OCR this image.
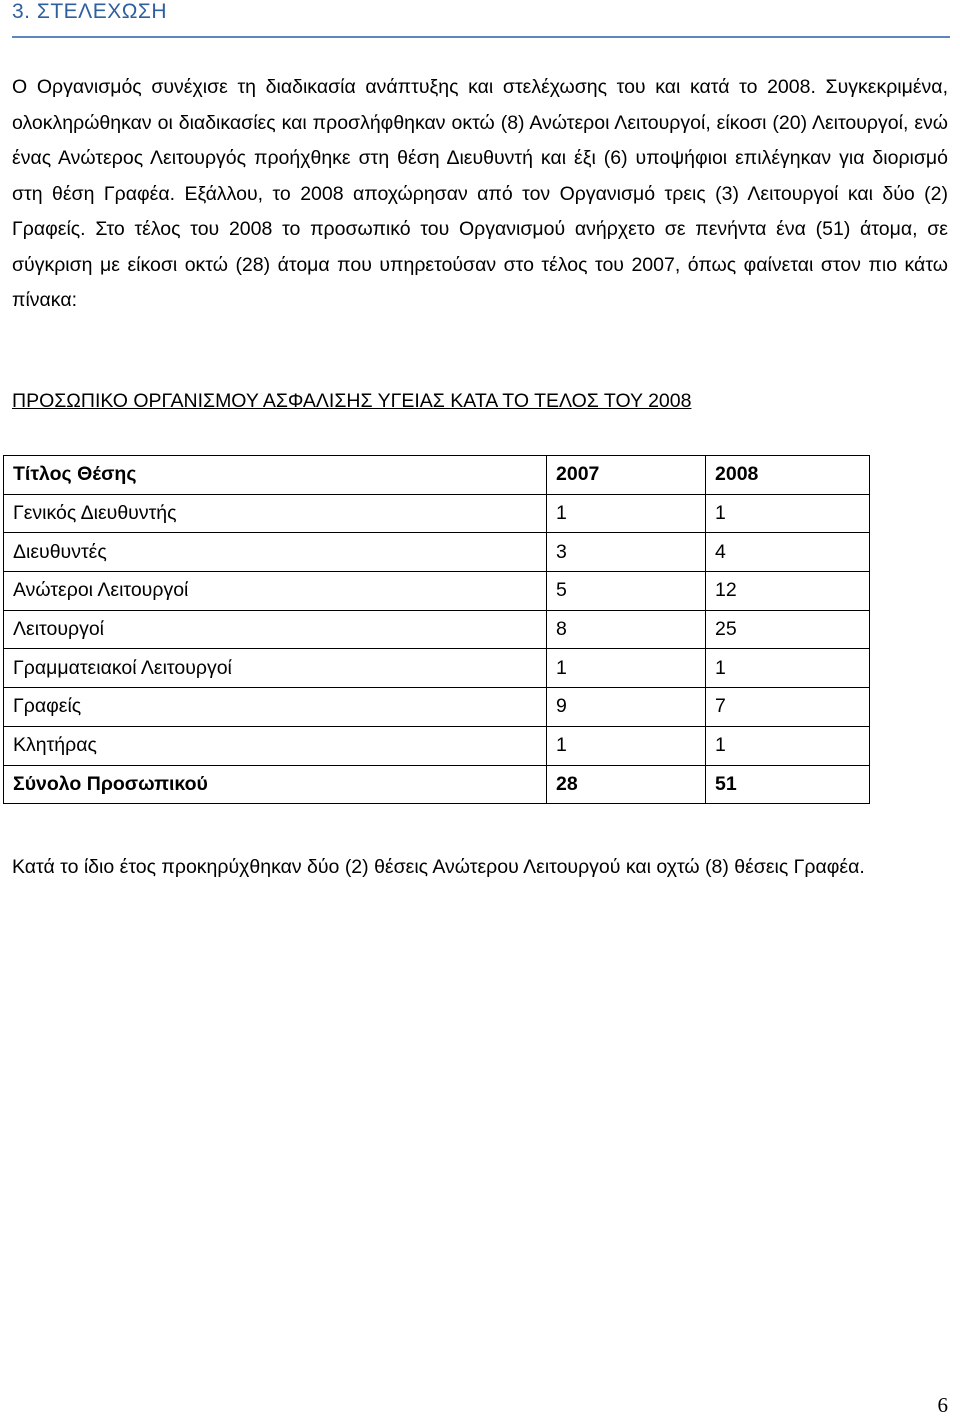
3. ΣΤΕΛΕΧΩΣΗ
Ο Οργανισμός συνέχισε τη διαδικασία ανάπτυξης και στελέχωσης του και κατά το 2008. Συγκεκριμένα, ολοκληρώθηκαν οι διαδικασίες και προσλήφθηκαν οκτώ (8) Ανώτεροι Λειτουργοί, είκοσι (20) Λειτουργοί, ενώ ένας Ανώτερος Λειτουργός προήχθηκε στη θέση Διευθυντή και έξι (6) υποψήφιοι επιλέγηκαν για διορισμό στη θέση Γραφέα. Εξάλλου, το 2008 αποχώρησαν από τον Οργανισμό τρεις (3) Λειτουργοί και δύο (2) Γραφείς. Στο τέλος του 2008 το προσωπικό του Οργανισμού ανήρχετο σε πενήντα ένα (51) άτομα, σε σύγκριση με είκοσι οκτώ (28) άτομα που υπηρετούσαν στο τέλος του 2007, όπως φαίνεται στον πιο κάτω πίνακα:
ΠΡΟΣΩΠΙΚΟ ΟΡΓΑΝΙΣΜΟΥ ΑΣΦΑΛΙΣΗΣ ΥΓΕΙΑΣ ΚΑΤΑ ΤΟ ΤΕΛΟΣ ΤΟΥ 2008
Τίτλος Θέσης	2007	2008
Γενικός Διευθυντής	1	1
Διευθυντές	3	4
Ανώτεροι Λειτουργοί	5	12
Λειτουργοί	8	25
Γραμματειακοί Λειτουργοί	1	1
Γραφείς	9	7
Κλητήρας	1	1
Σύνολο Προσωπικού	28	51
Κατά το ίδιο έτος προκηρύχθηκαν δύο (2) θέσεις Ανώτερου Λειτουργού και οχτώ (8) θέσεις Γραφέα.
6
